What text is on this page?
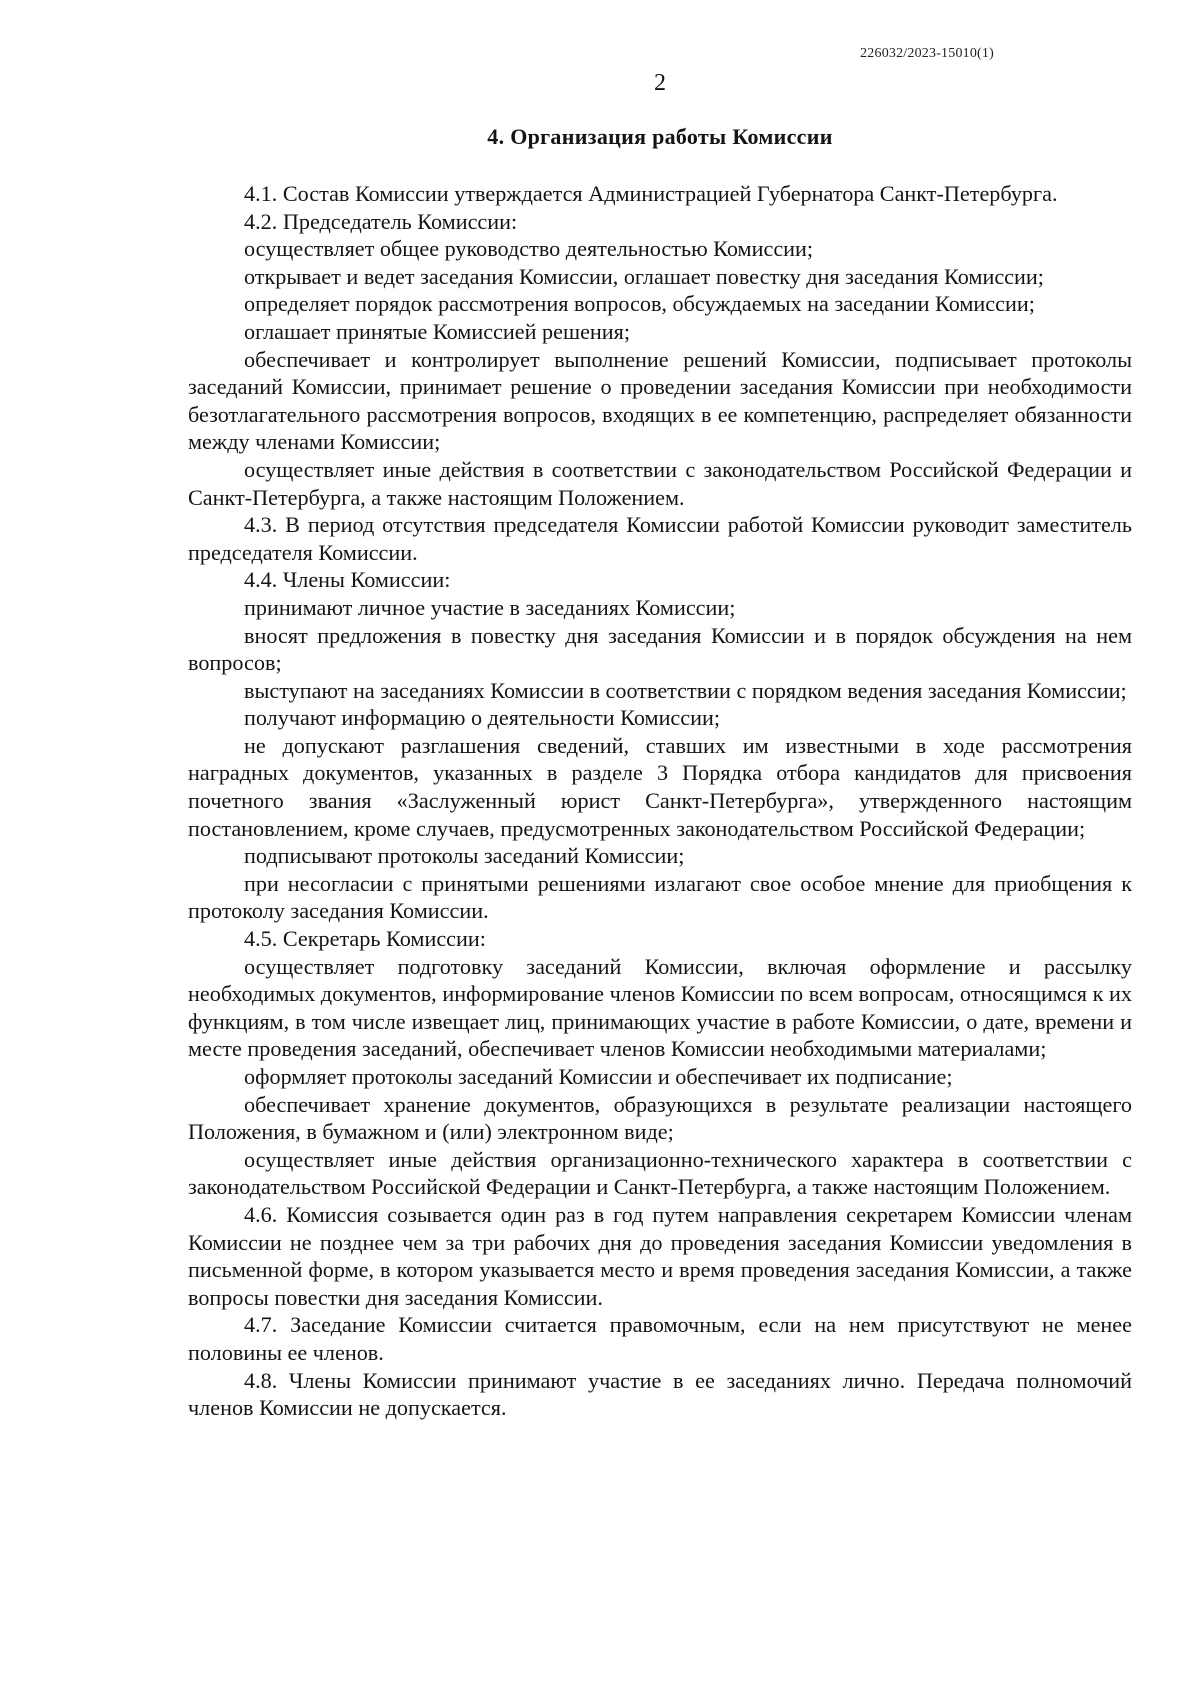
226032/2023-15010(1)
2
4. Организация работы Комиссии

4.1. Состав Комиссии утверждается Администрацией Губернатора Санкт-Петербурга.

4.2. Председатель Комиссии:

осуществляет общее руководство деятельностью Комиссии;

открывает и ведет заседания Комиссии, оглашает повестку дня заседания Комиссии;

определяет порядок рассмотрения вопросов, обсуждаемых на заседании Комиссии;

оглашает принятые Комиссией решения;

обеспечивает и контролирует выполнение решений Комиссии, подписывает протоколы заседаний Комиссии, принимает решение о проведении заседания Комиссии при необходимости безотлагательного рассмотрения вопросов, входящих в ее компетенцию, распределяет обязанности между членами Комиссии;

осуществляет иные действия в соответствии с законодательством Российской Федерации и Санкт-Петербурга, а также настоящим Положением.

4.3. В период отсутствия председателя Комиссии работой Комиссии руководит заместитель председателя Комиссии.

4.4. Члены Комиссии:

принимают личное участие в заседаниях Комиссии;

вносят предложения в повестку дня заседания Комиссии и в порядок обсуждения на нем вопросов;

выступают на заседаниях Комиссии в соответствии с порядком ведения заседания Комиссии;

получают информацию о деятельности Комиссии;

не допускают разглашения сведений, ставших им известными в ходе рассмотрения наградных документов, указанных в разделе 3 Порядка отбора кандидатов для присвоения почетного звания «Заслуженный юрист Санкт-Петербурга», утвержденного настоящим постановлением, кроме случаев, предусмотренных законодательством Российской Федерации;

подписывают протоколы заседаний Комиссии;

при несогласии с принятыми решениями излагают свое особое мнение для приобщения к протоколу заседания Комиссии.

4.5. Секретарь Комиссии:

осуществляет подготовку заседаний Комиссии, включая оформление и рассылку необходимых документов, информирование членов Комиссии по всем вопросам, относящимся к их функциям, в том числе извещает лиц, принимающих участие в работе Комиссии, о дате, времени и месте проведения заседаний, обеспечивает членов Комиссии необходимыми материалами;

оформляет протоколы заседаний Комиссии и обеспечивает их подписание;

обеспечивает хранение документов, образующихся в результате реализации настоящего Положения, в бумажном и (или) электронном виде;

осуществляет иные действия организационно-технического характера в соответствии с законодательством Российской Федерации и Санкт-Петербурга, а также настоящим Положением.

4.6. Комиссия созывается один раз в год путем направления секретарем Комиссии членам Комиссии не позднее чем за три рабочих дня до проведения заседания Комиссии уведомления в письменной форме, в котором указывается место и время проведения заседания Комиссии, а также вопросы повестки дня заседания Комиссии.

4.7. Заседание Комиссии считается правомочным, если на нем присутствуют не менее половины ее членов.

4.8. Члены Комиссии принимают участие в ее заседаниях лично. Передача полномочий членов Комиссии не допускается.
